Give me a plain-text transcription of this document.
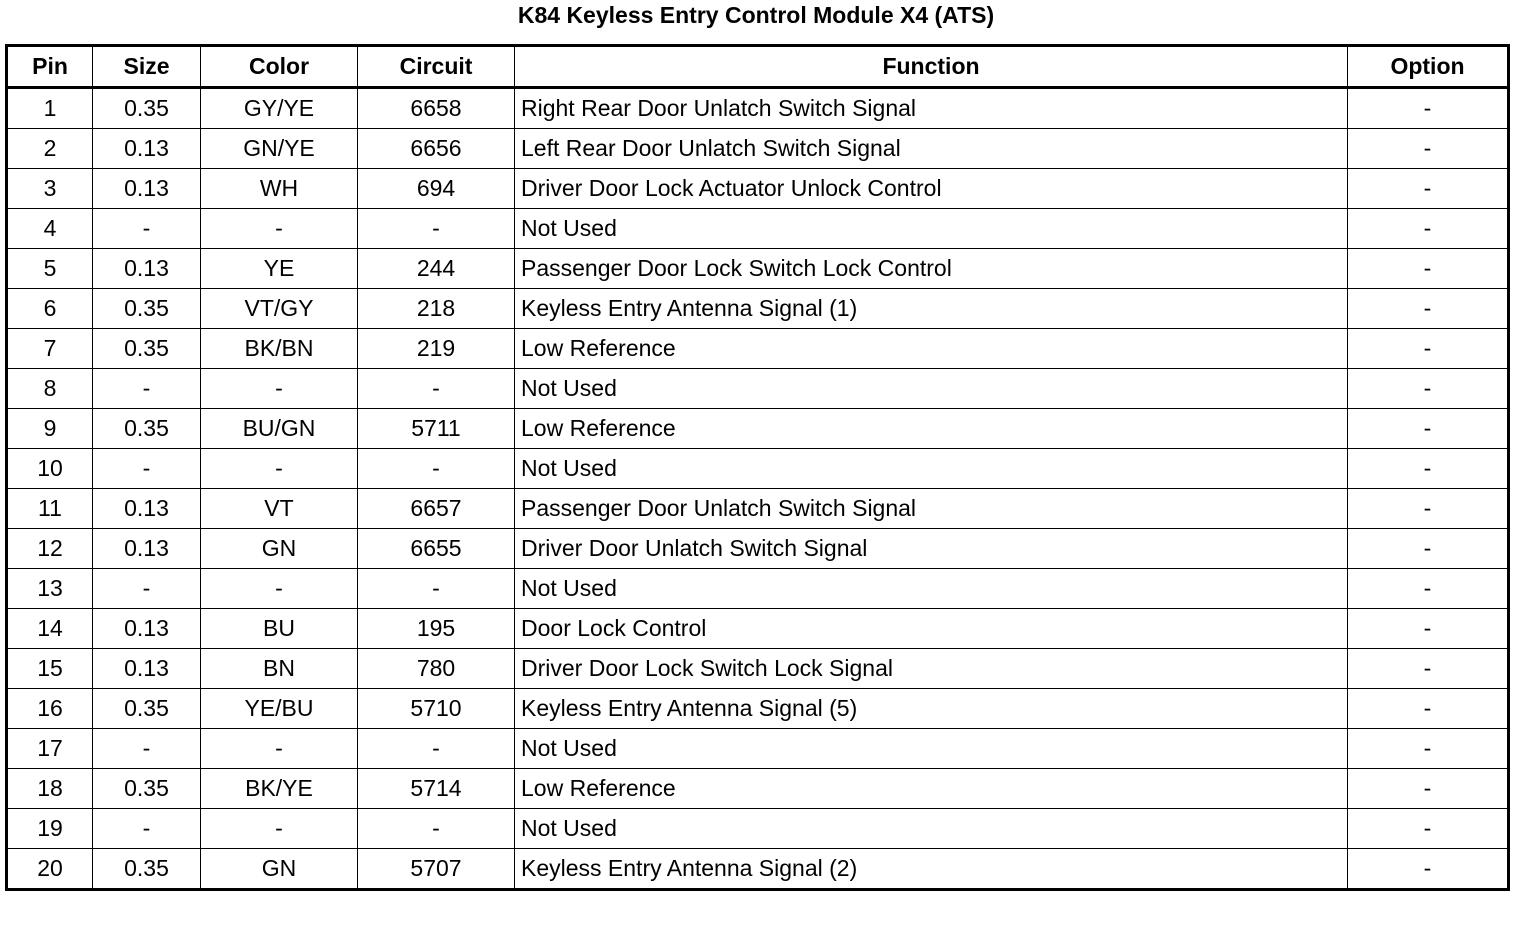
K84 Keyless Entry Control Module X4 (ATS)
Pin	Size	Color	Circuit	Function	Option
1	0.35	GY/YE	6658	Right Rear Door Unlatch Switch Signal	-
2	0.13	GN/YE	6656	Left Rear Door Unlatch Switch Signal	-
3	0.13	WH	694	Driver Door Lock Actuator Unlock Control	-
4	-	-	-	Not Used	-
5	0.13	YE	244	Passenger Door Lock Switch Lock Control	-
6	0.35	VT/GY	218	Keyless Entry Antenna Signal (1)	-
7	0.35	BK/BN	219	Low Reference	-
8	-	-	-	Not Used	-
9	0.35	BU/GN	5711	Low Reference	-
10	-	-	-	Not Used	-
11	0.13	VT	6657	Passenger Door Unlatch Switch Signal	-
12	0.13	GN	6655	Driver Door Unlatch Switch Signal	-
13	-	-	-	Not Used	-
14	0.13	BU	195	Door Lock Control	-
15	0.13	BN	780	Driver Door Lock Switch Lock Signal	-
16	0.35	YE/BU	5710	Keyless Entry Antenna Signal (5)	-
17	-	-	-	Not Used	-
18	0.35	BK/YE	5714	Low Reference	-
19	-	-	-	Not Used	-
20	0.35	GN	5707	Keyless Entry Antenna Signal (2)	-
